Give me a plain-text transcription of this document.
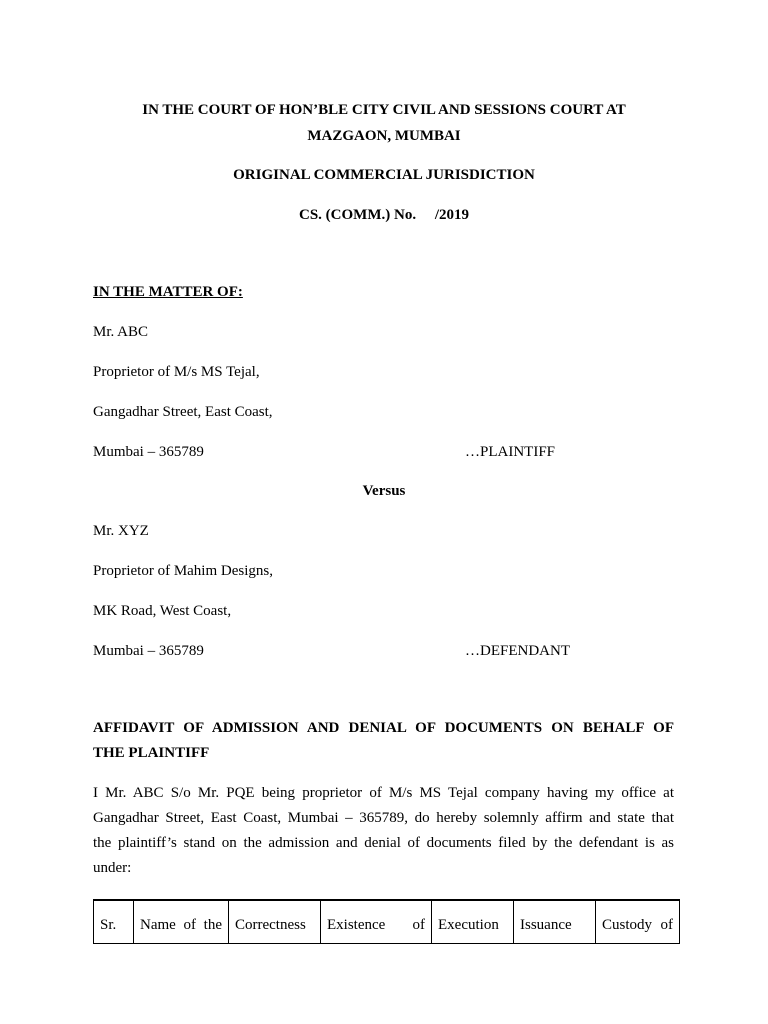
IN THE COURT OF HON’BLE CITY CIVIL AND SESSIONS COURT AT
MAZGAON, MUMBAI
ORIGINAL COMMERCIAL JURISDICTION
CS. (COMM.) No.     /2019
IN THE MATTER OF:
Mr. ABC
Proprietor of M/s MS Tejal,
Gangadhar Street, East Coast,
Mumbai – 365789	…PLAINTIFF
Versus
Mr. XYZ
Proprietor of Mahim Designs,
MK Road, West Coast,
Mumbai – 365789	…DEFENDANT
AFFIDAVIT OF ADMISSION AND DENIAL OF DOCUMENTS ON BEHALF OF
THE PLAINTIFF
I Mr. ABC S/o Mr. PQE being proprietor of M/s MS Tejal company having my office at
Gangadhar Street, East Coast, Mumbai – 365789, do hereby solemnly affirm and state that
the plaintiff’s stand on the admission and denial of documents filed by the defendant is as
under:
Sr.	Name of the	Correctness	Existence of	Execution	Issuance	Custody of
